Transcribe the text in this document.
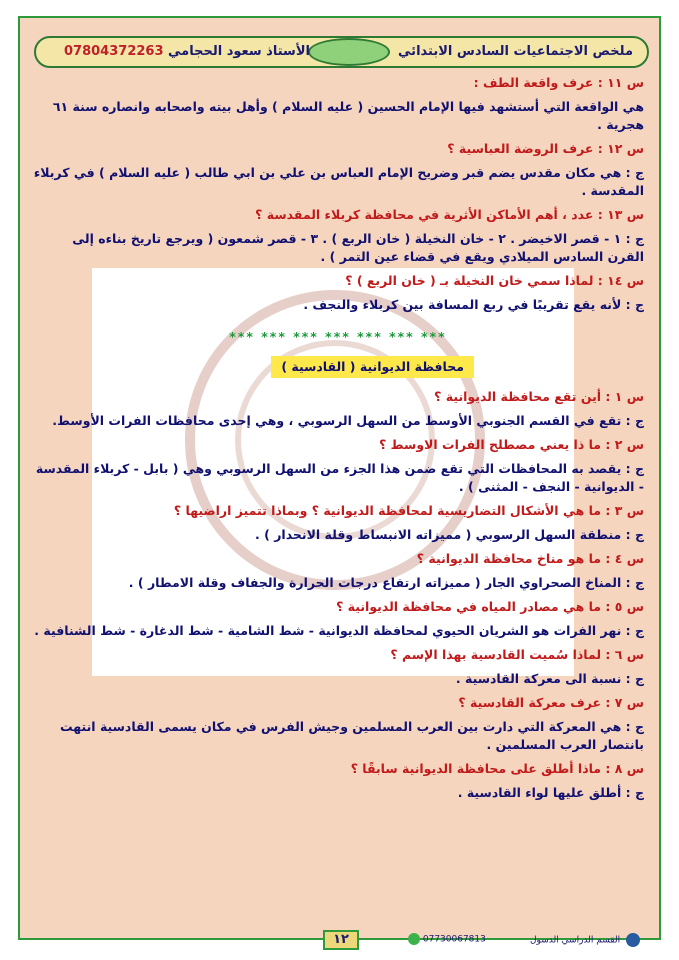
ملخص الاجتماعيات السادس الابتدائي
الأستاذ سعود الحجامي 07804372263
س ١١ : عرف واقعة الطف :
هي الواقعة التي أستشهد فيها الإمام الحسين ( عليه السلام ) وأهل بيته واصحابه وانصاره سنة ٦١ هجرية .
س ١٢ : عرف الروضة العباسية ؟
ج : هي مكان مقدس يضم قبر وضريح الإمام العباس بن علي بن ابي طالب ( عليه السلام ) في كربلاء المقدسة .
س ١٣ : عدد ، أهم الأماكن الأثرية في محافظة كربلاء المقدسة ؟
ج : ١ - قصر الاخيضر . ٢ - خان النخيلة ( خان الربع ) . ٣ - قصر شمعون ( ويرجع تاريخ بناءه إلى القرن السادس الميلادي ويقع في قضاء عين التمر ) .
س ١٤ : لماذا سمي خان النخيلة بـ ( خان الربع ) ؟
ج : لأنه يقع تقريبًا في ربع المسافة بين كربلاء والنجف .
*** *** *** *** *** *** ***
محافظة الديوانية ( القادسية )
س ١ : أين تقع محافظة الديوانية ؟
ج : تقع في القسم الجنوبي الأوسط من السهل الرسوبي ، وهي إحدى محافظات الفرات الأوسط.
س ٢ : ما ذا يعني مصطلح الفرات الاوسط ؟
ج : يقصد به المحافظات التي تقع ضمن هذا الجزء من السهل الرسوبي وهي ( بابل - كربلاء المقدسة - الديوانية - النجف - المثنى ) .
س ٣ : ما هي الأشكال التضاريسية لمحافظة الديوانية ؟ وبماذا تتميز اراضيها ؟
ج : منطقة السهل الرسوبي ( مميزاته الانبساط وقلة الانحدار ) .
س ٤ : ما هو مناخ محافظة الديوانية ؟
ج : المناخ الصحراوي الجار ( مميزاته ارتفاع درجات الحرارة والجفاف وقلة الامطار ) .
س ٥ : ما هي مصادر المياه في محافظة الديوانية ؟
ج : نهر الفرات هو الشريان الحيوي لمحافظة الديوانية - شط الشامية - شط الدغارة - شط الشنافية .
س ٦ : لماذا سُميت القادسية بهذا الإسم ؟
ج : نسبة الى معركة القادسية .
س ٧ : عرف معركة القادسية ؟
ج : هي المعركة التي دارت بين العرب المسلمين وجيش الفرس في مكان يسمى القادسية انتهت بانتصار العرب المسلمين .
س ٨ : ماذا أطلق على محافظة الديوانية سابقًا ؟
ج : أطلق عليها لواء القادسية .
١٢	07730067813	القسم الدراسي الدسول
